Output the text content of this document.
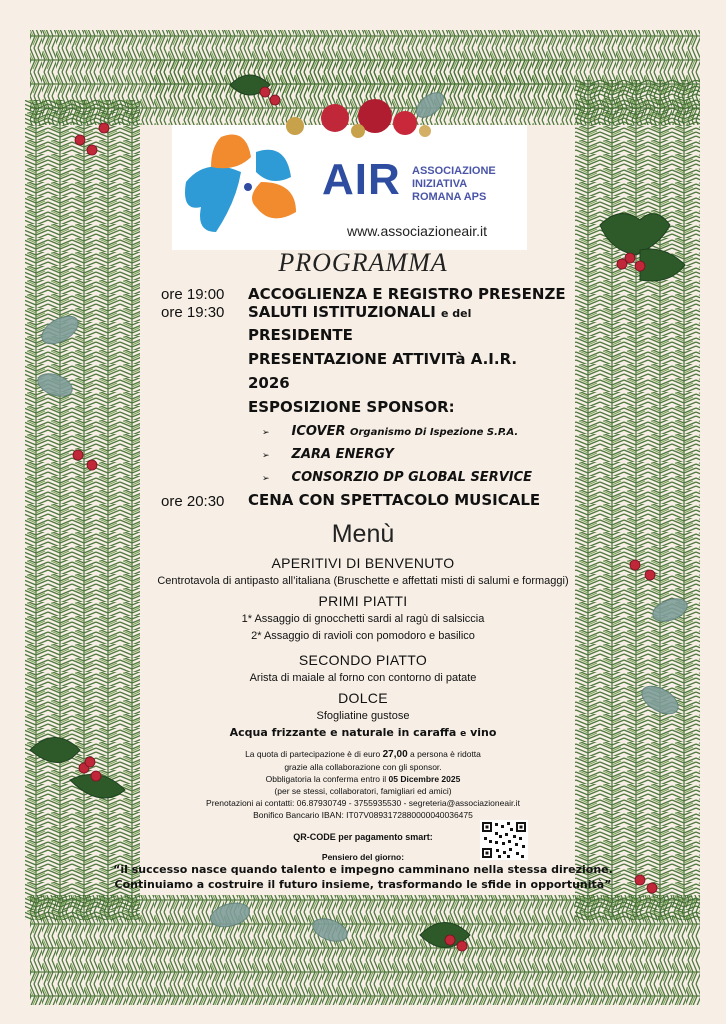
AIR ASSOCIAZIONE
INIZIATIVA
ROMANA APS
www.associazioneair.it
PROGRAMMA
ore 19:00 ACCOGLIENZA E REGISTRO PRESENZE
ore 19:30 SALUTI ISTITUZIONALI e del
PRESIDENTE
PRESENTAZIONE ATTIVITà A.I.R.
2026
ESPOSIZIONE SPONSOR:
➢ ICOVER Organismo Di Ispezione S.P.A.
➢ ZARA ENERGY
➢ CONSORZIO DP GLOBAL SERVICE
ore 20:30 CENA CON SPETTACOLO MUSICALE
Menù
APERITIVI DI BENVENUTO
Centrotavola di antipasto all’italiana (Bruschette e affettati misti di salumi e formaggi)
PRIMI PIATTI
1* Assaggio di gnocchetti sardi al ragù di salsiccia
2* Assaggio di ravioli con pomodoro e basilico
SECONDO PIATTO
Arista di maiale al forno con contorno di patate
DOLCE
Sfogliatine gustose
Acqua frizzante e naturale in caraffa e vino
La quota di partecipazione è di euro 27,00 a persona è ridotta
grazie alla collaborazione con gli sponsor.
Obbligatoria la conferma entro il 05 Dicembre 2025
(per se stessi, collaboratori, famigliari ed amici)
Prenotazioni ai contatti: 06.87930749 - 3755935530 - segreteria@associazioneair.it
Bonifico Bancario IBAN: IT07V0893172880000040036475
QR-CODE per pagamento smart:
Pensiero del giorno:
“il successo nasce quando talento e impegno camminano nella stessa direzione.
Continuiamo a costruire il futuro insieme, trasformando le sfide in opportunità”
